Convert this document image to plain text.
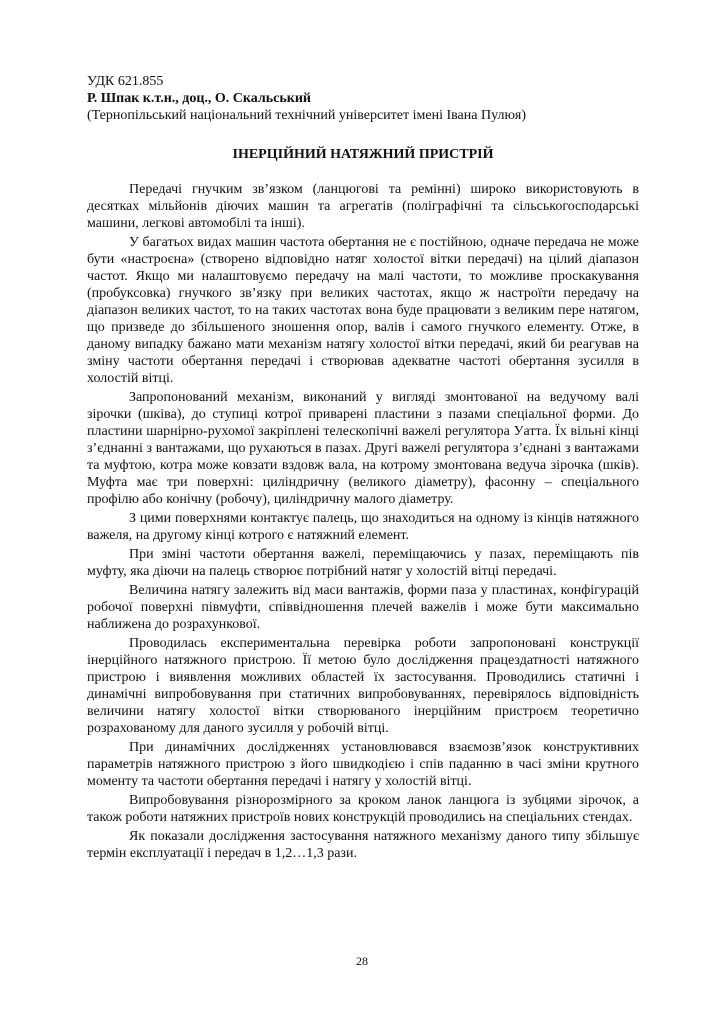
УДК 621.855

Р. Шпак к.т.н., доц., О. Скальський

(Тернопільський національний технічний університет імені Івана Пулюя)

ІНЕРЦІЙНИЙ НАТЯЖНИЙ ПРИСТРІЙ

Передачі гнучким зв’язком (ланцюгові та ремінні) широко використовують в десятках мільйонів діючих машин та агрегатів (поліграфічні та сільськогосподарські машини, легкові автомобілі та інші).

У багатьох видах машин частота обертання не є постійною, одначе передача не може бути «настроєна» (створено відповідно натяг холостої вітки передачі) на цілий діапазон частот. Якщо ми налаштовуємо передачу на малі частоти, то можливе проскакування (пробуксовка) гнучкого зв’язку при великих частотах, якщо ж настроїти передачу на діапазон великих частот, то на таких частотах вона буде працювати з великим пере натягом, що призведе до збільшеного зношення опор, валів і самого гнучкого елементу. Отже, в даному випадку бажано мати механізм натягу холостої вітки передачі, який би реагував на зміну частоти обертання передачі і створював адекватне частоті обертання зусилля в холостій вітці.

Запропонований механізм, виконаний у вигляді змонтованої на ведучому валі зірочки (шківа), до ступиці котрої приварені пластини з пазами спеціальної форми. До пластини шарнірно-рухомої закріплені телескопічні важелі регулятора Уатта. Їх вільні кінці з’єднанні з вантажами, що рухаються в пазах. Другі важелі регулятора з’єднані з вантажами та муфтою, котра може ковзати вздовж вала, на котрому змонтована ведуча зірочка (шків). Муфта має три поверхні: циліндричну (великого діаметру), фасонну – спеціального профілю або конічну (робочу), циліндричну малого діаметру.

З цими поверхнями контактує палець, що знаходиться на одному із кінців натяжного важеля, на другому кінці котрого є натяжний елемент.

При зміні частоти обертання важелі, переміщаючись у пазах, переміщають пів муфту, яка діючи на палець створює потрібний натяг у холостій вітці передачі.

Величина натягу залежить від маси вантажів, форми паза у пластинах, конфігурацій робочої поверхні півмуфти, співвідношення плечей важелів і може бути максимально наближена до розрахункової.

Проводилась експериментальна перевірка роботи запропоновані конструкції інерційного натяжного пристрою. Її метою було дослідження працездатності натяжного пристрою і виявлення можливих областей їх застосування. Проводились статичні і динамічні випробовування при статичних випробовуваннях, перевірялось відповідність величини натягу холостої вітки створюваного інерційним пристроєм теоретично розрахованому для даного зусилля у робочій вітці.

При динамічних дослідженнях установлювався взаємозв’язок конструктивних параметрів натяжного пристрою з його швидкодією і спів паданню в часі зміни крутного моменту та частоти обертання передачі і натягу у холостій вітці.

Випробовування різнорозмірного за кроком ланок ланцюга із зубцями зірочок, а також роботи натяжних пристроїв нових конструкцій проводились на спеціальних стендах.

Як показали дослідження застосування натяжного механізму даного типу збільшує термін експлуатації і передач в 1,2…1,3 рази.

28
